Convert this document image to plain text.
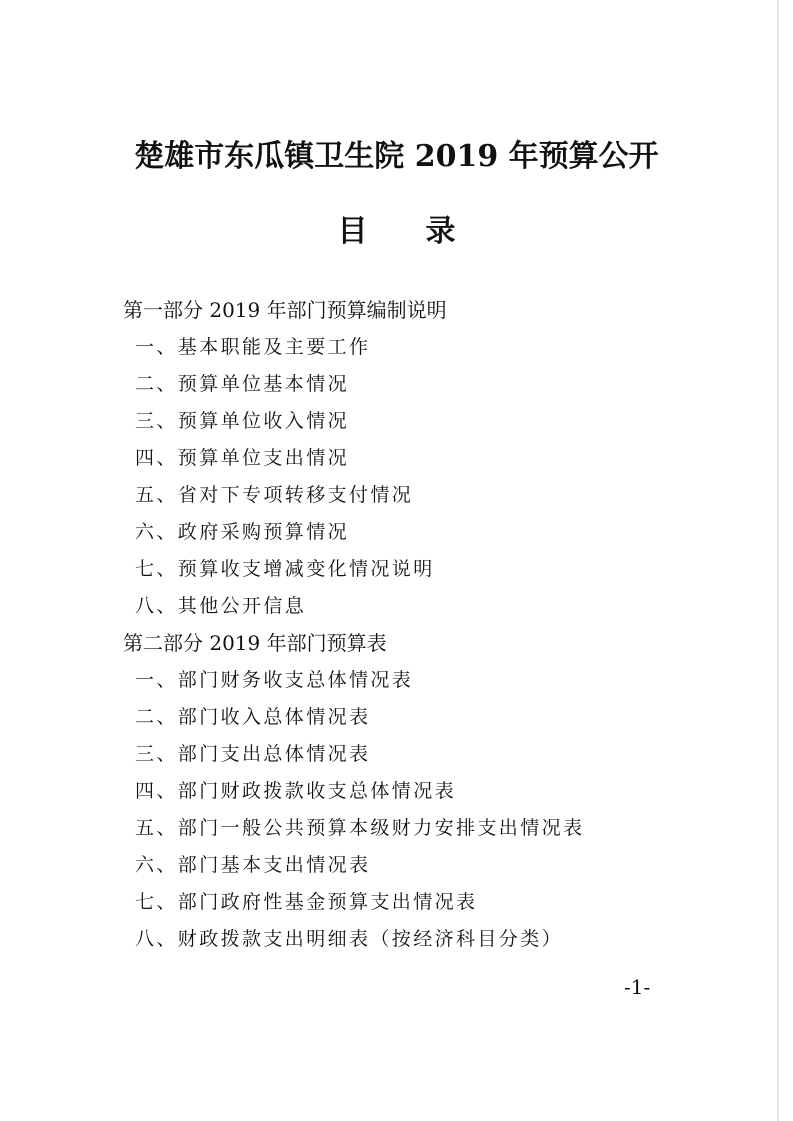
楚雄市东瓜镇卫生院 2019 年预算公开
目 录
第一部分 2019 年部门预算编制说明
一、基本职能及主要工作
二、预算单位基本情况
三、预算单位收入情况
四、预算单位支出情况
五、省对下专项转移支付情况
六、政府采购预算情况
七、预算收支增减变化情况说明
八、其他公开信息
第二部分 2019 年部门预算表
一、部门财务收支总体情况表
二、部门收入总体情况表
三、部门支出总体情况表
四、部门财政拨款收支总体情况表
五、部门一般公共预算本级财力安排支出情况表
六、部门基本支出情况表
七、部门政府性基金预算支出情况表
八、财政拨款支出明细表（按经济科目分类）
-1-
